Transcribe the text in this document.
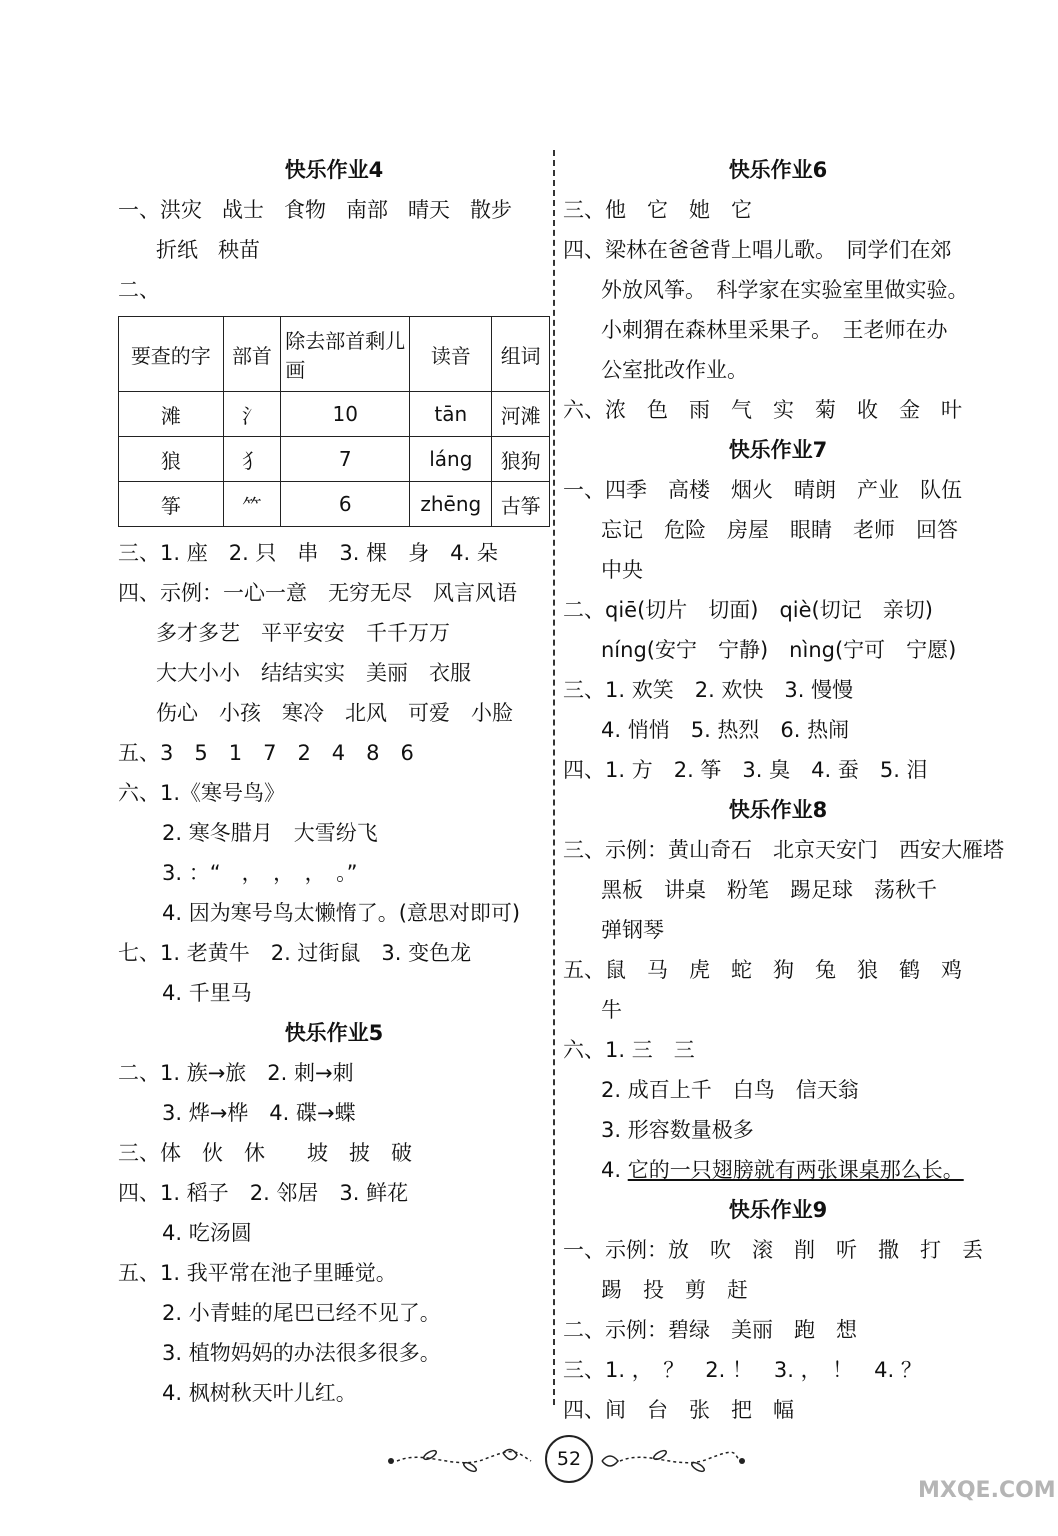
快乐作业4
一、洪灾 战士 食物 南部 晴天 散步
折纸 秧苗
二、
要查的字	部首	除去部首剩儿画	读音	组词
滩	氵	10	tān	河滩
狼	犭	7	láng	狼狗
筝	⺮	6	zhēng	古筝
三、1. 座　2. 只　串　3. 棵　身　4. 朵
四、示例：一心一意　无穷无尽　风言风语
多才多艺　平平安安　千千万万
大大小小　结结实实　美丽　衣服
伤心　小孩　寒冷　北风　可爱　小脸
五、3　5　1　7　2　4　8　6
六、1.《寒号鸟》
2. 寒冬腊月　大雪纷飞
3. ：“　，　，　，　。”
4. 因为寒号鸟太懒惰了。(意思对即可)
七、1. 老黄牛　2. 过街鼠　3. 变色龙
4. 千里马
快乐作业5
二、1. 族→旅　2. 刺→刺
3. 烨→桦　4. 碟→蝶
三、体　伙　休　　坡　披　破
四、1. 稻子　2. 邻居　3. 鲜花
4. 吃汤圆
五、1. 我平常在池子里睡觉。
2. 小青蛙的尾巴已经不见了。
3. 植物妈妈的办法很多很多。
4. 枫树秋天叶儿红。
快乐作业6
三、他　它　她　它
四、梁林在爸爸背上唱儿歌。　同学们在郊
外放风筝。　科学家在实验室里做实验。
小刺猬在森林里采果子。　王老师在办
公室批改作业。
六、浓　色　雨　气　实　菊　收　金　叶
快乐作业7
一、四季　高楼　烟火　晴朗　产业　队伍
忘记　危险　房屋　眼睛　老师　回答
中央
二、qiē(切片　切面)　qiè(切记　亲切)
níng(安宁　宁静)　nìng(宁可　宁愿)
三、1. 欢笑　2. 欢快　3. 慢慢
4. 悄悄　5. 热烈　6. 热闹
四、1. 方　2. 筝　3. 臭　4. 蚕　5. 泪
快乐作业8
三、示例：黄山奇石　北京天安门　西安大雁塔
黑板　讲桌　粉笔　踢足球　荡秋千
弹钢琴
五、鼠　马　虎　蛇　狗　兔　狼　鹤　鸡
牛
六、1. 三　三
2. 成百上千　白鸟　信天翁
3. 形容数量极多
4. 它的一只翅膀就有两张课桌那么长。
快乐作业9
一、示例：放　吹　滚　削　听　撒　打　丢
踢　投　剪　赶
二、示例：碧绿　美丽　跑　想
三、1. ，　？　2. ！　3. ，　！　4. ？
四、间　台　张　把　幅
52
MXQE.COM
